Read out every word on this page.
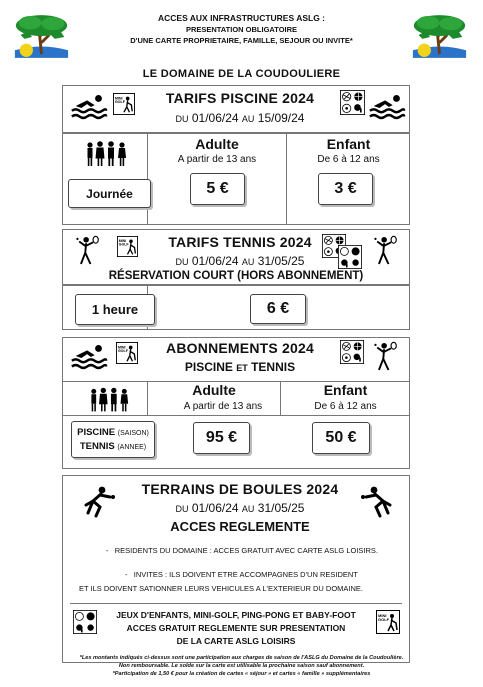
ACCES AUX INFRASTRUCTURES ASLG :
PRESENTATION OBLIGATOIRE
D'UNE CARTE PROPRIETAIRE, FAMILLE, SEJOUR OU INVITE*
LE DOMAINE DE LA COUDOULIERE
TARIFS PISCINE 2024
DU 01/06/24 AU 15/09/24
Adulte
A partir de 13 ans
Enfant
De 6 à 12 ans
Journée	5 €	3 €
TARIFS TENNIS 2024
DU 01/06/24 AU 31/05/25
RÉSERVATION COURT (HORS ABONNEMENT)
1 heure	6 €
ABONNEMENTS 2024
PISCINE ET TENNIS
Adulte
A partir de 13 ans
Enfant
De 6 à 12 ans
PISCINE (SAISON)
TENNIS (ANNEE)
95 €	50 €
TERRAINS DE BOULES 2024
DU 01/06/24 AU 31/05/25
ACCES REGLEMENTE
-   RESIDENTS DU DOMAINE : ACCES GRATUIT AVEC CARTE ASLG LOISIRS.
-   INVITES : ILS DOIVENT ETRE ACCOMPAGNES D'UN RESIDENT
ET ILS DOIVENT SATIONNER LEURS VEHICULES A L'EXTERIEUR DU DOMAINE.
JEUX D'ENFANTS, MINI-GOLF, PING-PONG ET BABY-FOOT
ACCES GRATUIT REGLEMENTE SUR PRESENTATION
DE LA CARTE ASLG LOISIRS
*Les montants indiqués ci-dessus sont une participation aux charges de saison de l'ASLG du Domaine de la Coudoulière.
Non remboursable. Le solde sur la carte est utilisable la prochaine saison sauf abonnement.
*Participation de 1,50 € pour la création de cartes « séjour » et cartes « famille » supplémentaires
